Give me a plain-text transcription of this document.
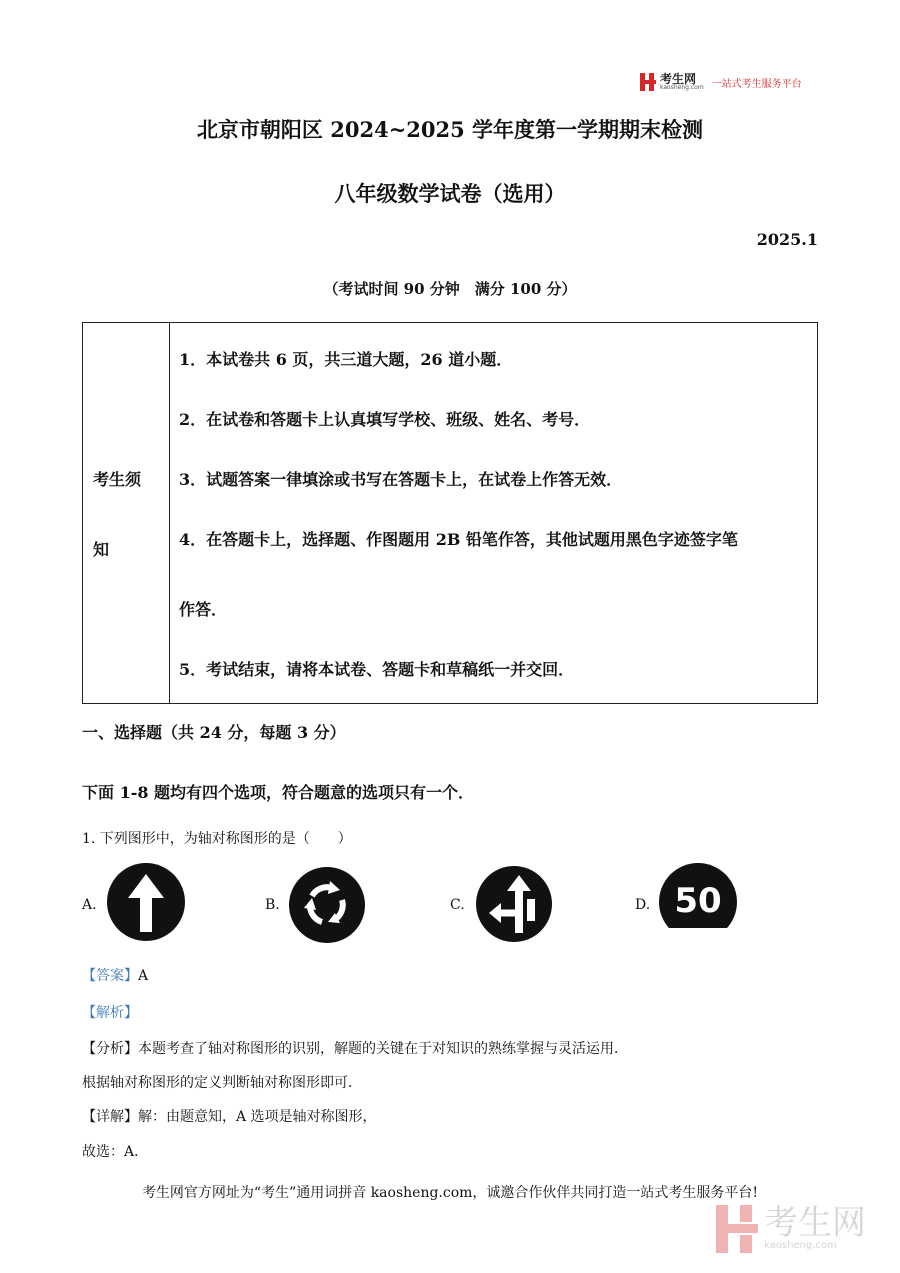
考生网
kaosheng.com 一站式考生服务平台
北京市朝阳区 2024~2025 学年度第一学期期末检测
八年级数学试卷（选用）
2025.1
（考试时间 90 分钟　满分 100 分）
考生须
知
1．本试卷共 6 页，共三道大题，26 道小题．
2．在试卷和答题卡上认真填写学校、班级、姓名、考号．
3．试题答案一律填涂或书写在答题卡上，在试卷上作答无效．
4．在答题卡上，选择题、作图题用 2B 铅笔作答，其他试题用黑色字迹签字笔
作答．
5．考试结束，请将本试卷、答题卡和草稿纸一并交回．
一、选择题（共 24 分，每题 3 分）
下面 1-8 题均有四个选项，符合题意的选项只有一个．
1. 下列图形中，为轴对称图形的是（　　）
A.	B.	C.	D. 50
【答案】A
【解析】
【分析】本题考查了轴对称图形的识别，解题的关键在于对知识的熟练掌握与灵活运用．
根据轴对称图形的定义判断轴对称图形即可．
【详解】解：由题意知，A 选项是轴对称图形，
故选：A．
考生网官方网址为“考生”通用词拼音 kaosheng.com，诚邀合作伙伴共同打造一站式考生服务平台!
考生网
kaosheng.com
